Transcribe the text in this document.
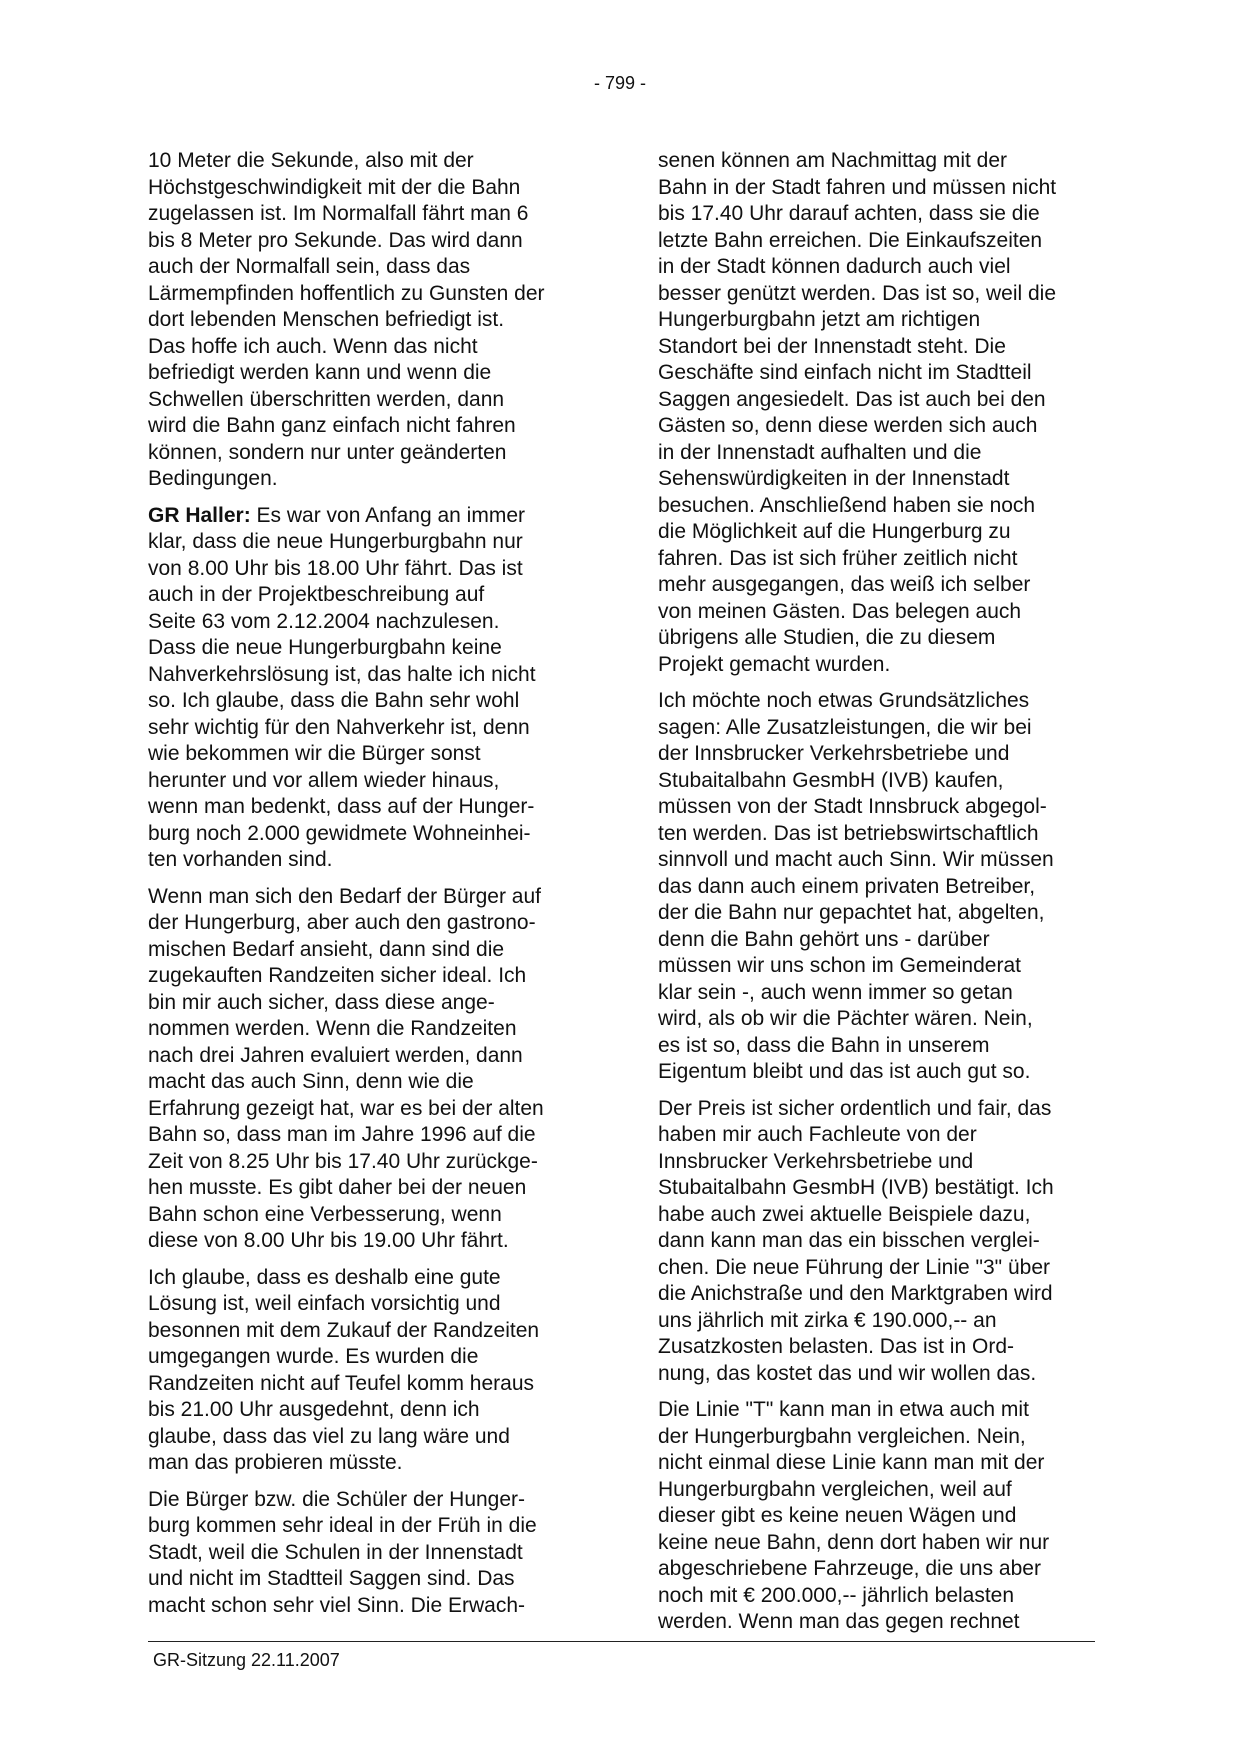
- 799 -
10 Meter die Sekunde, also mit der
Höchstgeschwindigkeit mit der die Bahn
zugelassen ist. Im Normalfall fährt man 6
bis 8 Meter pro Sekunde. Das wird dann
auch der Normalfall sein, dass das
Lärmempfinden hoffentlich zu Gunsten der
dort lebenden Menschen befriedigt ist.
Das hoffe ich auch. Wenn das nicht
befriedigt werden kann und wenn die
Schwellen überschritten werden, dann
wird die Bahn ganz einfach nicht fahren
können, sondern nur unter geänderten
Bedingungen.
GR Haller: Es war von Anfang an immer
klar, dass die neue Hungerburgbahn nur
von 8.00 Uhr bis 18.00 Uhr fährt. Das ist
auch in der Projektbeschreibung auf
Seite 63 vom 2.12.2004 nachzulesen.
Dass die neue Hungerburgbahn keine
Nahverkehrslösung ist, das halte ich nicht
so. Ich glaube, dass die Bahn sehr wohl
sehr wichtig für den Nahverkehr ist, denn
wie bekommen wir die Bürger sonst
herunter und vor allem wieder hinaus,
wenn man bedenkt, dass auf der Hunger-
burg noch 2.000 gewidmete Wohneinhei-
ten vorhanden sind.
Wenn man sich den Bedarf der Bürger auf
der Hungerburg, aber auch den gastrono-
mischen Bedarf ansieht, dann sind die
zugekauften Randzeiten sicher ideal. Ich
bin mir auch sicher, dass diese ange-
nommen werden. Wenn die Randzeiten
nach drei Jahren evaluiert werden, dann
macht das auch Sinn, denn wie die
Erfahrung gezeigt hat, war es bei der alten
Bahn so, dass man im Jahre 1996 auf die
Zeit von 8.25 Uhr bis 17.40 Uhr zurückge-
hen musste. Es gibt daher bei der neuen
Bahn schon eine Verbesserung, wenn
diese von 8.00 Uhr bis 19.00 Uhr fährt.
Ich glaube, dass es deshalb eine gute
Lösung ist, weil einfach vorsichtig und
besonnen mit dem Zukauf der Randzeiten
umgegangen wurde. Es wurden die
Randzeiten nicht auf Teufel komm heraus
bis 21.00 Uhr ausgedehnt, denn ich
glaube, dass das viel zu lang wäre und
man das probieren müsste.
Die Bürger bzw. die Schüler der Hunger-
burg kommen sehr ideal in der Früh in die
Stadt, weil die Schulen in der Innenstadt
und nicht im Stadtteil Saggen sind. Das
macht schon sehr viel Sinn. Die Erwach-
senen können am Nachmittag mit der
Bahn in der Stadt fahren und müssen nicht
bis 17.40 Uhr darauf achten, dass sie die
letzte Bahn erreichen. Die Einkaufszeiten
in der Stadt können dadurch auch viel
besser genützt werden. Das ist so, weil die
Hungerburgbahn jetzt am richtigen
Standort bei der Innenstadt steht. Die
Geschäfte sind einfach nicht im Stadtteil
Saggen angesiedelt. Das ist auch bei den
Gästen so, denn diese werden sich auch
in der Innenstadt aufhalten und die
Sehenswürdigkeiten in der Innenstadt
besuchen. Anschließend haben sie noch
die Möglichkeit auf die Hungerburg zu
fahren. Das ist sich früher zeitlich nicht
mehr ausgegangen, das weiß ich selber
von meinen Gästen. Das belegen auch
übrigens alle Studien, die zu diesem
Projekt gemacht wurden.
Ich möchte noch etwas Grundsätzliches
sagen: Alle Zusatzleistungen, die wir bei
der Innsbrucker Verkehrsbetriebe und
Stubaitalbahn GesmbH (IVB) kaufen,
müssen von der Stadt Innsbruck abgegol-
ten werden. Das ist betriebswirtschaftlich
sinnvoll und macht auch Sinn. Wir müssen
das dann auch einem privaten Betreiber,
der die Bahn nur gepachtet hat, abgelten,
denn die Bahn gehört uns - darüber
müssen wir uns schon im Gemeinderat
klar sein -, auch wenn immer so getan
wird, als ob wir die Pächter wären. Nein,
es ist so, dass die Bahn in unserem
Eigentum bleibt und das ist auch gut so.
Der Preis ist sicher ordentlich und fair, das
haben mir auch Fachleute von der
Innsbrucker Verkehrsbetriebe und
Stubaitalbahn GesmbH (IVB) bestätigt. Ich
habe auch zwei aktuelle Beispiele dazu,
dann kann man das ein bisschen verglei-
chen. Die neue Führung der Linie "3" über
die Anichstraße und den Marktgraben wird
uns jährlich mit zirka € 190.000,-- an
Zusatzkosten belasten. Das ist in Ord-
nung, das kostet das und wir wollen das.
Die Linie "T" kann man in etwa auch mit
der Hungerburgbahn vergleichen. Nein,
nicht einmal diese Linie kann man mit der
Hungerburgbahn vergleichen, weil auf
dieser gibt es keine neuen Wägen und
keine neue Bahn, denn dort haben wir nur
abgeschriebene Fahrzeuge, die uns aber
noch mit € 200.000,-- jährlich belasten
werden. Wenn man das gegen rechnet
GR-Sitzung 22.11.2007
